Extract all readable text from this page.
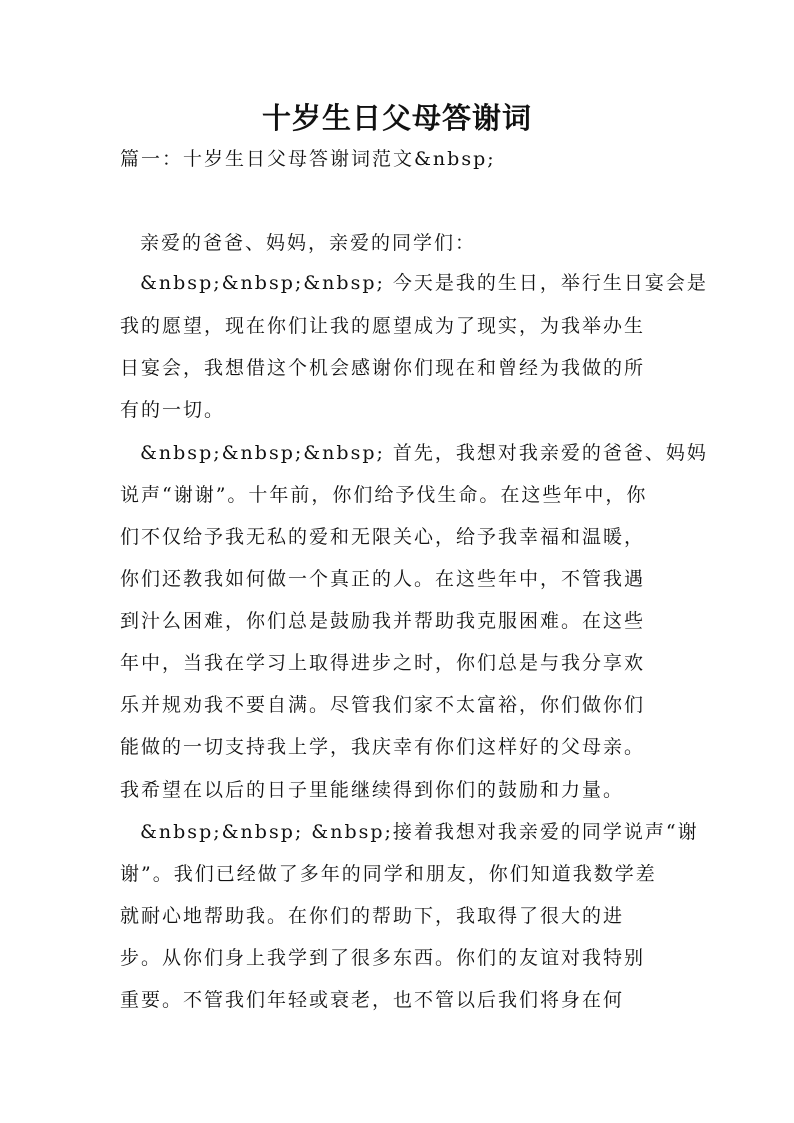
十岁生日父母答谢词

篇一：十岁生日父母答谢词范文&nbsp;

亲爱的爸爸、妈妈，亲爱的同学们：

&nbsp;&nbsp;&nbsp; 今天是我的生日，举行生日宴会是

我的愿望，现在你们让我的愿望成为了现实，为我举办生

日宴会，我想借这个机会感谢你们现在和曾经为我做的所

有的一切。

&nbsp;&nbsp;&nbsp; 首先，我想对我亲爱的爸爸、妈妈

说声“谢谢”。十年前，你们给予伐生命。在这些年中，你

们不仅给予我无私的爱和无限关心，给予我幸福和温暖，

你们还教我如何做一个真正的人。在这些年中，不管我遇

到汁么困难，你们总是鼓励我并帮助我克服困难。在这些

年中，当我在学习上取得进步之时，你们总是与我分享欢

乐并规劝我不要自满。尽管我们家不太富裕，你们做你们

能做的一切支持我上学，我庆幸有你们这样好的父母亲。

我希望在以后的日子里能继续得到你们的鼓励和力量。

&nbsp;&nbsp; &nbsp;接着我想对我亲爱的同学说声“谢

谢”。我们已经做了多年的同学和朋友，你们知道我数学差

就耐心地帮助我。在你们的帮助下，我取得了很大的进

步。从你们身上我学到了很多东西。你们的友谊对我特别

重要。不管我们年轻或衰老，也不管以后我们将身在何
